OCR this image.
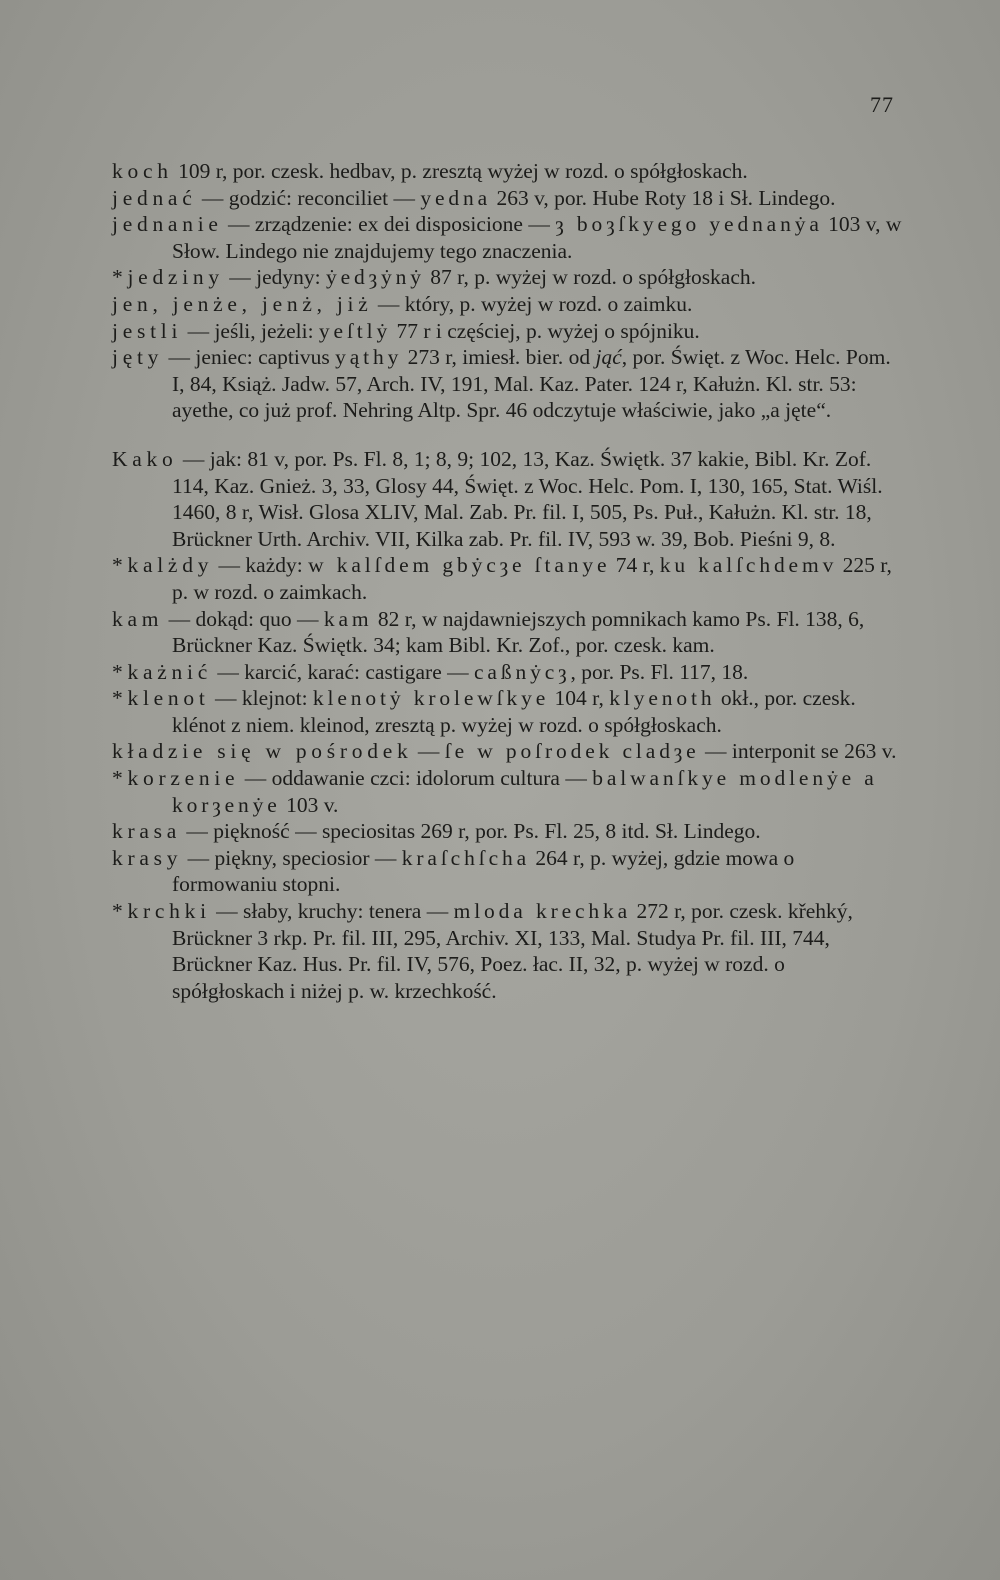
77

koch 109 r, por. czesk. hedbav, p. zresztą wyżej w rozd. o spółgłoskach.

jednać — godzić: reconciliet — yedna 263 v, por. Hube Roty 18 i Sł. Lindego.

jednanie — zrządzenie: ex dei disposicione — ȝ boȝſkyego yednanẏa 103 v, w Słow. Lindego nie znajdujemy tego znaczenia.

*jedziny — jedyny: ẏedȝẏnẏ 87 r, p. wyżej w rozd. o spółgłoskach.

jen, jenże, jenż, jiż — który, p. wyżej w rozd. o zaimku.

jestli — jeśli, jeżeli: yeſtlẏ 77 r i częściej, p. wyżej o spójniku.

jęty — jeniec: captivus yąthy 273 r, imiesł. bier. od jąć, por. Święt. z Woc. Helc. Pom. I, 84, Książ. Jadw. 57, Arch. IV, 191, Mal. Kaz. Pater. 124 r, Kałużn. Kl. str. 53: ayethe, co już prof. Nehring Altp. Spr. 46 odczytuje właściwie, jako „a jęte“.

Kako — jak: 81 v, por. Ps. Fl. 8, 1; 8, 9; 102, 13, Kaz. Świętk. 37 kakie, Bibl. Kr. Zof. 114, Kaz. Gnież. 3, 33, Glosy 44, Święt. z Woc. Helc. Pom. I, 130, 165, Stat. Wiśl. 1460, 8 r, Wisł. Glosa XLIV, Mal. Zab. Pr. fil. I, 505, Ps. Puł., Kałużn. Kl. str. 18, Brückner Urth. Archiv. VII, Kilka zab. Pr. fil. IV, 593 w. 39, Bob. Pieśni 9, 8.

*kalżdy — każdy: w kalſdem gbẏcȝe ſtanye 74 r, ku kalſchdemv 225 r, p. w rozd. o zaimkach.

kam — dokąd: quo — kam 82 r, w najdawniejszych pomnikach kamo Ps. Fl. 138, 6, Brückner Kaz. Świętk. 34; kam Bibl. Kr. Zof., por. czesk. kam.

*każnić — karcić, karać: castigare — caßnẏcȝ, por. Ps. Fl. 117, 18.

*klenot — klejnot: klenotẏ krolewſkye 104 r, klyenoth okł., por. czesk. klénot z niem. kleinod, zresztą p. wyżej w rozd. o spółgłoskach.

kładzie się w pośrodek — ſe w poſrodek cladȝe — interponit se 263 v.

*korzenie — oddawanie czci: idolorum cultura — balwanſkye modlenẏe a korȝenẏe 103 v.

krasa — piękność — speciositas 269 r, por. Ps. Fl. 25, 8 itd. Sł. Lindego.

krasy — piękny, speciosior — kraſchſcha 264 r, p. wyżej, gdzie mowa o formowaniu stopni.

*krchki — słaby, kruchy: tenera — mloda krechka 272 r, por. czesk. křehký, Brückner 3 rkp. Pr. fil. III, 295, Archiv. XI, 133, Mal. Studya Pr. fil. III, 744, Brückner Kaz. Hus. Pr. fil. IV, 576, Poez. łac. II, 32, p. wyżej w rozd. o spółgłoskach i niżej p. w. krzechkość.
